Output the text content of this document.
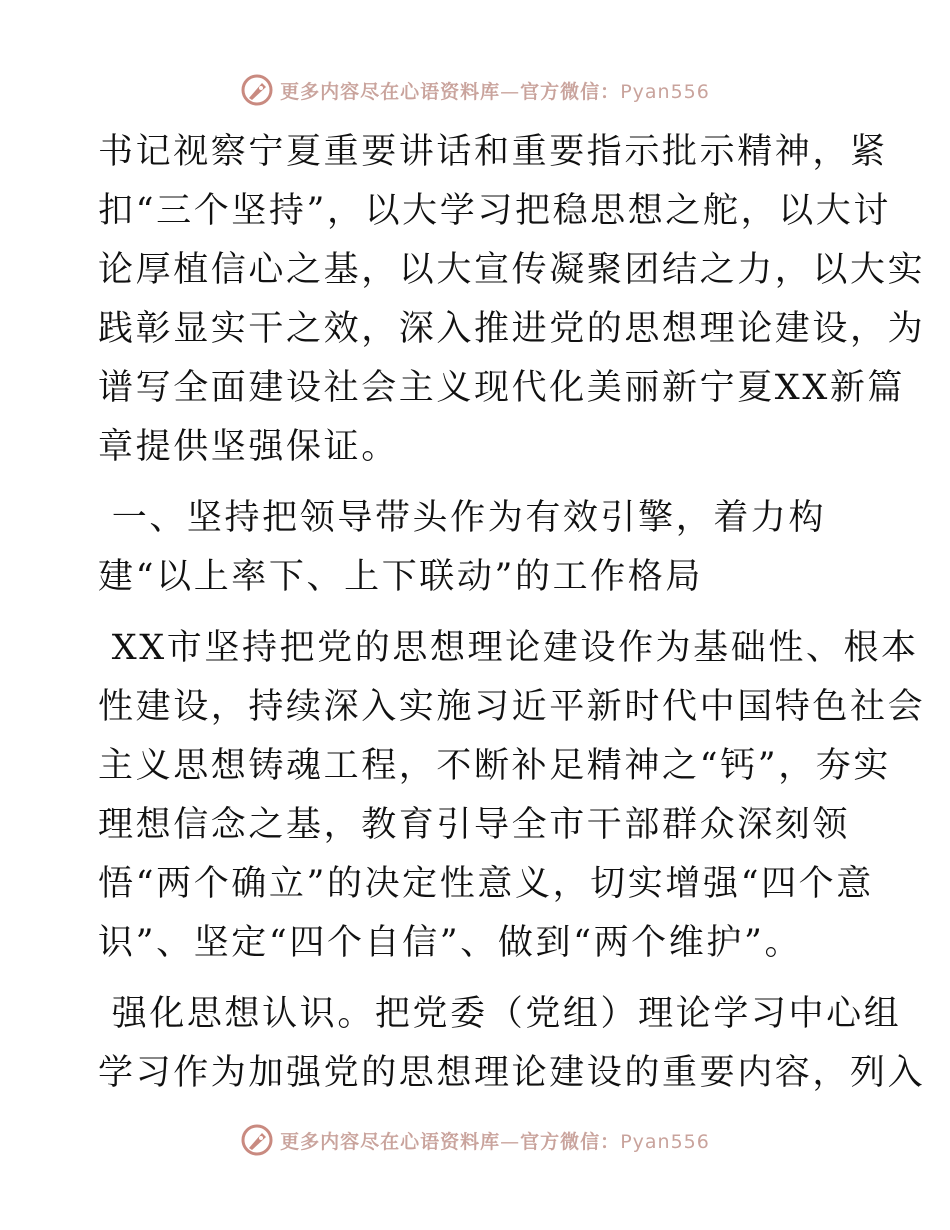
更多内容尽在心语资料库—官方微信：Pyan556
书记视察宁夏重要讲话和重要指示批示精神，紧
扣“三个坚持”，以大学习把稳思想之舵，以大讨
论厚植信心之基，以大宣传凝聚团结之力，以大实
践彰显实干之效，深入推进党的思想理论建设，为
谱写全面建设社会主义现代化美丽新宁夏XX新篇
章提供坚强保证。
一、坚持把领导带头作为有效引擎，着力构
建“以上率下、上下联动”的工作格局
XX市坚持把党的思想理论建设作为基础性、根本
性建设，持续深入实施习近平新时代中国特色社会
主义思想铸魂工程，不断补足精神之“钙”，夯实
理想信念之基，教育引导全市干部群众深刻领
悟“两个确立”的决定性意义，切实增强“四个意
识”、坚定“四个自信”、做到“两个维护”。
强化思想认识。把党委（党组）理论学习中心组
学习作为加强党的思想理论建设的重要内容，列入
更多内容尽在心语资料库—官方微信：Pyan556
